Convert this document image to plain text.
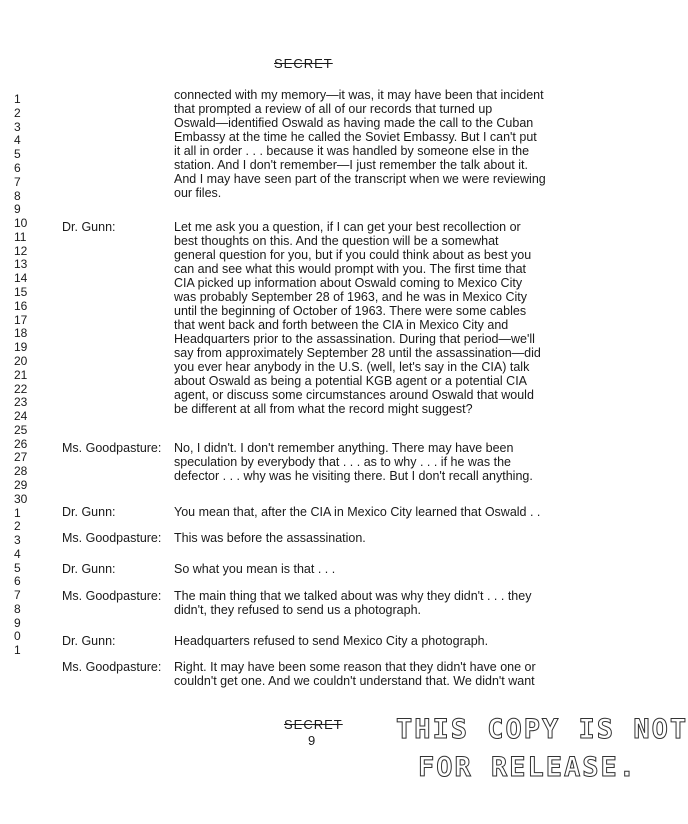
SECRET
1
2
3
4
5
6
7
8
9
10
11
12
13
14
15
16
17
18
19
20
21
22
23
24
25
26
27
28
29
30
1
2
3
4
5
6
7
8
9
0
1
connected with my memory—it was, it may have been that incident
that prompted a review of all of our records that turned up
Oswald—identified Oswald as having made the call to the Cuban
Embassy at the time he called the Soviet Embassy. But I can't put
it all in order . . . because it was handled by someone else in the
station. And I don't remember—I just remember the talk about it.
And I may have seen part of the transcript when we were reviewing
our files.
Dr. Gunn:	Let me ask you a question, if I can get your best recollection or
best thoughts on this. And the question will be a somewhat
general question for you, but if you could think about as best you
can and see what this would prompt with you. The first time that
CIA picked up information about Oswald coming to Mexico City
was probably September 28 of 1963, and he was in Mexico City
until the beginning of October of 1963. There were some cables
that went back and forth between the CIA in Mexico City and
Headquarters prior to the assassination. During that period—we'll
say from approximately September 28 until the assassination—did
you ever hear anybody in the U.S. (well, let's say in the CIA) talk
about Oswald as being a potential KGB agent or a potential CIA
agent, or discuss some circumstances around Oswald that would
be different at all from what the record might suggest?
Ms. Goodpasture: No, I didn't. I don't remember anything. There may have been
speculation by everybody that . . . as to why . . . if he was the
defector . . . why was he visiting there. But I don't recall anything.
Dr. Gunn:	You mean that, after the CIA in Mexico City learned that Oswald . .
Ms. Goodpasture: This was before the assassination.
Dr. Gunn:	So what you mean is that . . .
Ms. Goodpasture: The main thing that we talked about was why they didn't . . . they
didn't, they refused to send us a photograph.
Dr. Gunn:	Headquarters refused to send Mexico City a photograph.
Ms. Goodpasture: Right. It may have been some reason that they didn't have one or
couldn't get one. And we couldn't understand that. We didn't want
SECRET
9	THIS COPY IS NOT
FOR RELEASE.
